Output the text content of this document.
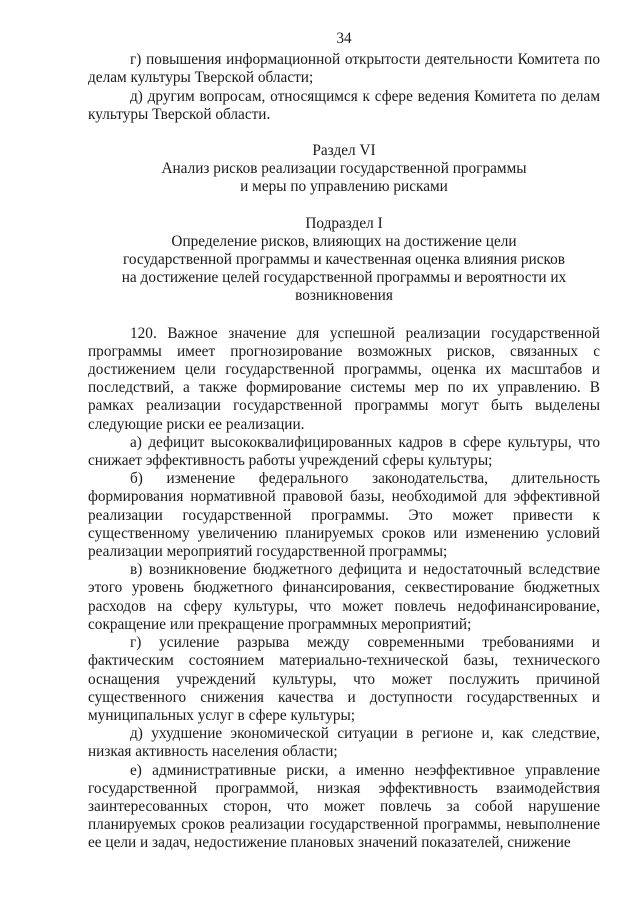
34

г) повышения информационной открытости деятельности Комитета по делам культуры Тверской области;

д) другим вопросам, относящимся к сфере ведения Комитета по делам культуры Тверской области.

Раздел VI

Анализ рисков реализации государственной программы

и меры по управлению рисками

Подраздел I

Определение рисков, влияющих на достижение цели

государственной программы и качественная оценка влияния рисков

на достижение целей государственной программы и вероятности их

возникновения

120. Важное значение для успешной реализации государственной программы имеет прогнозирование возможных рисков, связанных с достижением цели государственной программы, оценка их масштабов и последствий, а также формирование системы мер по их управлению. В рамках реализации государственной программы могут быть выделены следующие риски ее реализации.

а) дефицит высококвалифицированных кадров в сфере культуры, что снижает эффективность работы учреждений сферы культуры;

б) изменение федерального законодательства, длительность формирования нормативной правовой базы, необходимой для эффективной реализации государственной программы. Это может привести к существенному увеличению планируемых сроков или изменению условий реализации мероприятий государственной программы;

в) возникновение бюджетного дефицита и недостаточный вследствие этого уровень бюджетного финансирования, секвестирование бюджетных расходов на сферу культуры, что может повлечь недофинансирование, сокращение или прекращение программных мероприятий;

г) усиление разрыва между современными требованиями и фактическим состоянием материально-технической базы, технического оснащения учреждений культуры, что может послужить причиной существенного снижения качества и доступности государственных и муниципальных услуг в сфере культуры;

д) ухудшение экономической ситуации в регионе и, как следствие, низкая активность населения области;

е) административные риски, а именно неэффективное управление государственной программой, низкая эффективность взаимодействия заинтересованных сторон, что может повлечь за собой нарушение планируемых сроков реализации государственной программы, невыполнение ее цели и задач, недостижение плановых значений показателей, снижение
